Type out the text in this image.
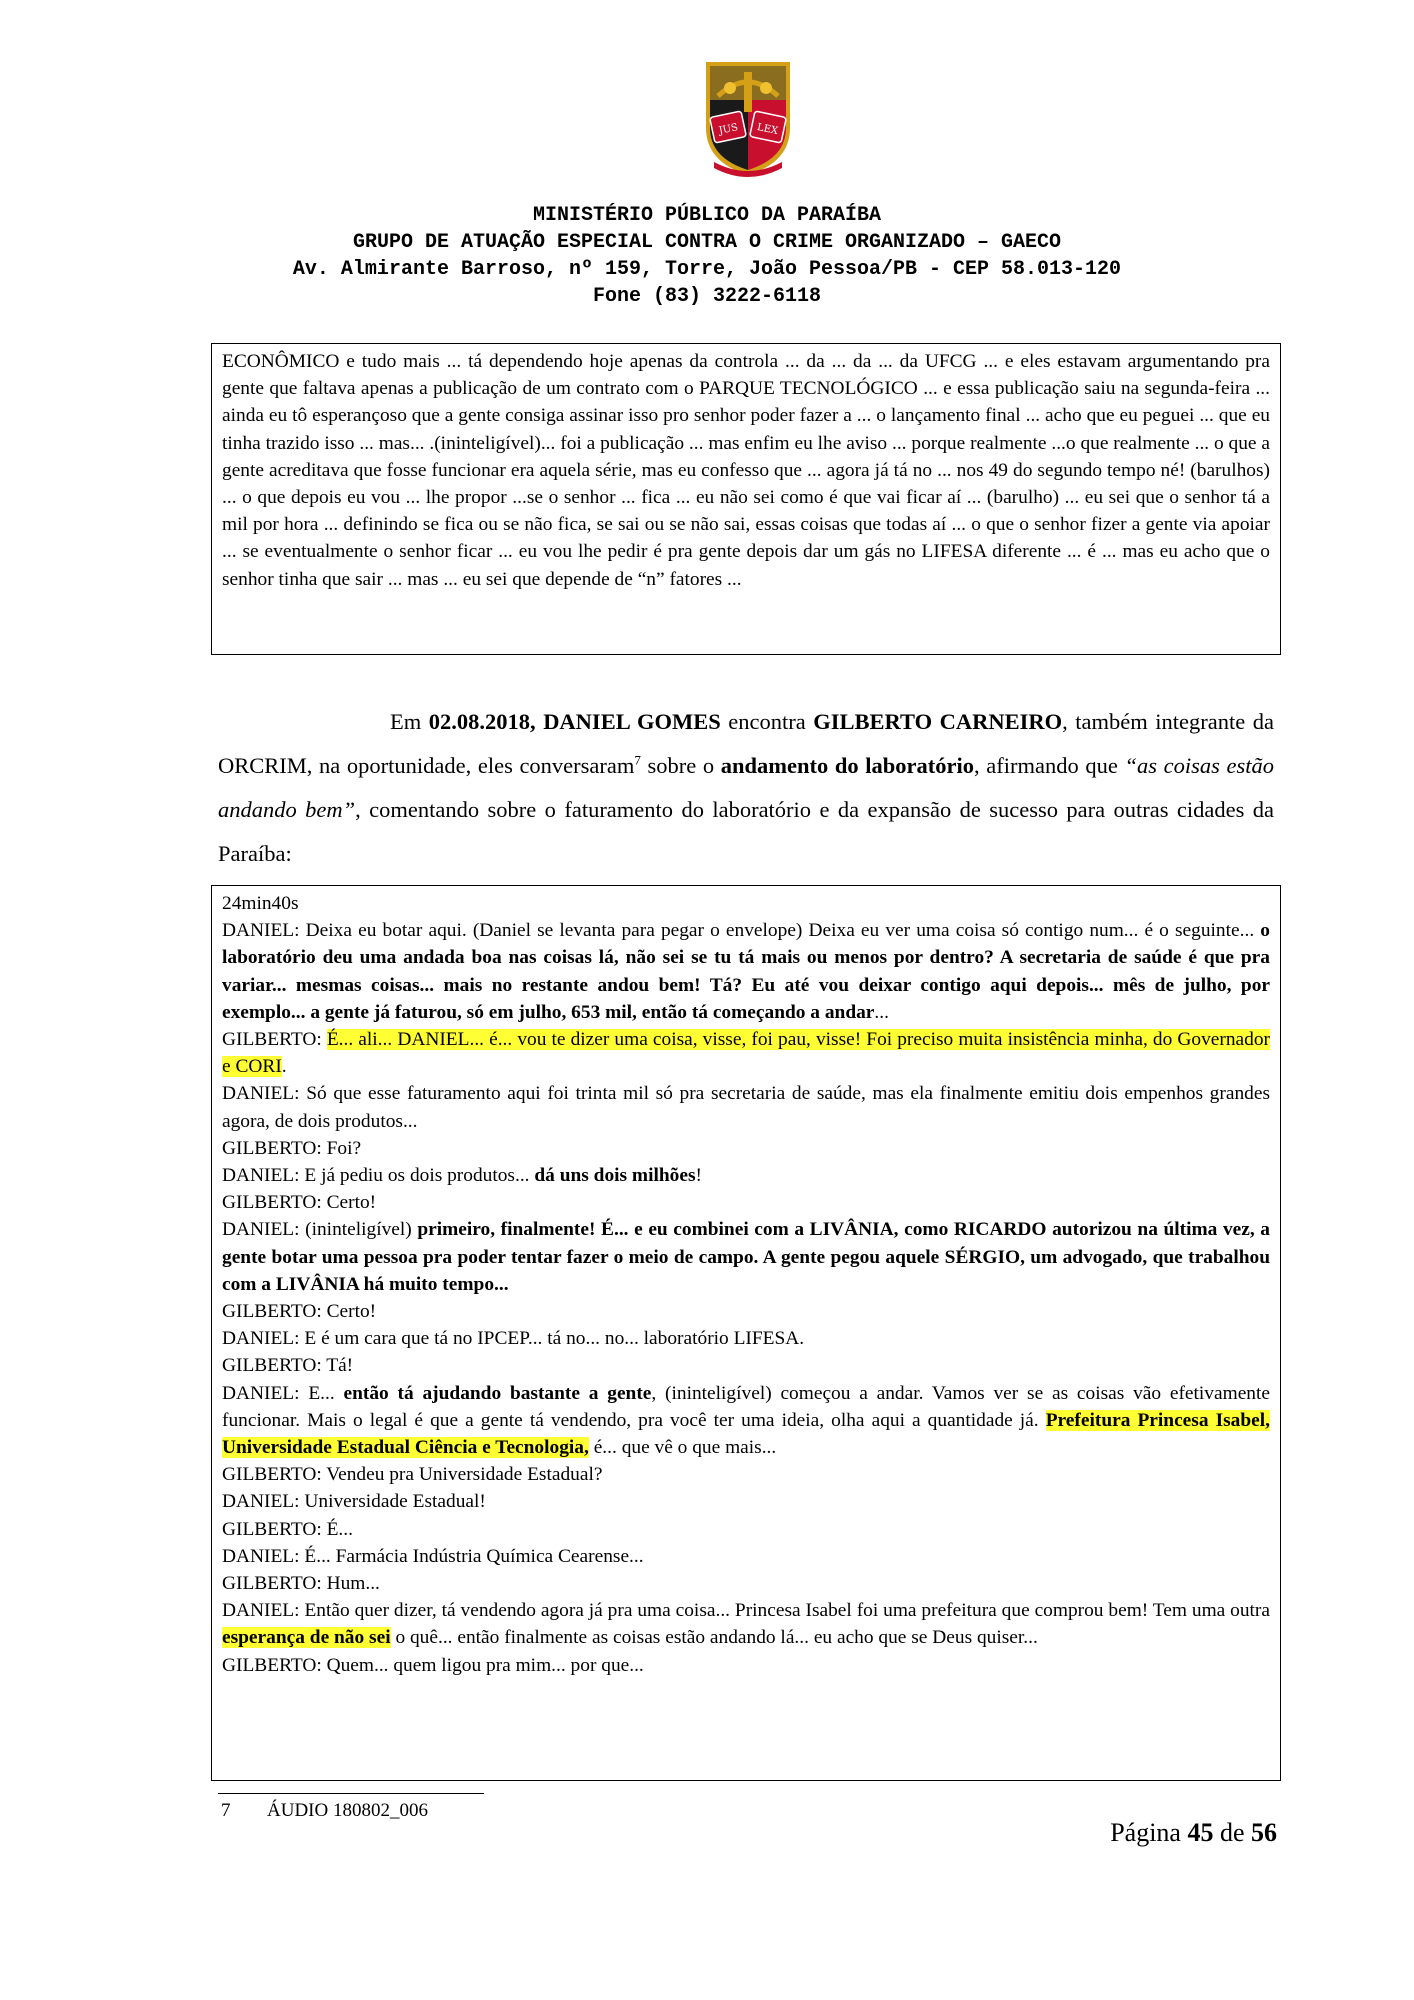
JUS LEX
MINISTÉRIO PÚBLICO DA PARAÍBA
GRUPO DE ATUAÇÃO ESPECIAL CONTRA O CRIME ORGANIZADO – GAECO
Av. Almirante Barroso, nº 159, Torre, João Pessoa/PB - CEP 58.013-120
Fone (83) 3222-6118
ECONÔMICO e tudo mais ... tá dependendo hoje apenas da controla ... da ... da ... da UFCG ... e eles estavam argumentando pra gente que faltava apenas a publicação de um contrato com o PARQUE TECNOLÓGICO ... e essa publicação saiu na segunda-feira ... ainda eu tô esperançoso que a gente consiga assinar isso pro senhor poder fazer a ... o lançamento final ... acho que eu peguei ... que eu tinha trazido isso ... mas... .(ininteligível)... foi a publicação ... mas enfim eu lhe aviso ... porque realmente ...o que realmente ... o que a gente acreditava que fosse funcionar era aquela série, mas eu confesso que ... agora já tá no ... nos 49 do segundo tempo né! (barulhos) ... o que depois eu vou ... lhe propor ...se o senhor ... fica ... eu não sei como é que vai ficar aí ... (barulho) ... eu sei que o senhor tá a mil por hora ... definindo se fica ou se não fica, se sai ou se não sai, essas coisas que todas aí ... o que o senhor fizer a gente via apoiar ... se eventualmente o senhor ficar ... eu vou lhe pedir é pra gente depois dar um gás no LIFESA diferente ... é ... mas eu acho que o senhor tinha que sair ... mas ... eu sei que depende de “n” fatores ...
Em 02.08.2018, DANIEL GOMES encontra GILBERTO CARNEIRO, também integrante da ORCRIM, na oportunidade, eles conversaram$^7$ sobre o andamento do laboratório, afirmando que “as coisas estão andando bem”, comentando sobre o faturamento do laboratório e da expansão de sucesso para outras cidades da Paraíba:

24min40s

DANIEL: Deixa eu botar aqui. (Daniel se levanta para pegar o envelope) Deixa eu ver uma coisa só contigo num... é o seguinte... o laboratório deu uma andada boa nas coisas lá, não sei se tu tá mais ou menos por dentro? A secretaria de saúde é que pra variar... mesmas coisas... mais no restante andou bem! Tá? Eu até vou deixar contigo aqui depois... mês de julho, por exemplo... a gente já faturou, só em julho, 653 mil, então tá começando a andar...

GILBERTO: É... ali... DANIEL... é... vou te dizer uma coisa, visse, foi pau, visse! Foi preciso muita insistência minha, do Governador e CORI.

DANIEL: Só que esse faturamento aqui foi trinta mil só pra secretaria de saúde, mas ela finalmente emitiu dois empenhos grandes agora, de dois produtos...

GILBERTO: Foi?

DANIEL: E já pediu os dois produtos... dá uns dois milhões!

GILBERTO: Certo!

DANIEL: (ininteligível) primeiro, finalmente! É... e eu combinei com a LIVÂNIA, como RICARDO autorizou na última vez, a gente botar uma pessoa pra poder tentar fazer o meio de campo. A gente pegou aquele SÉRGIO, um advogado, que trabalhou com a LIVÂNIA há muito tempo...

GILBERTO: Certo!

DANIEL: E é um cara que tá no IPCEP... tá no... no... laboratório LIFESA.

GILBERTO: Tá!

DANIEL: E... então tá ajudando bastante a gente, (ininteligível) começou a andar. Vamos ver se as coisas vão efetivamente funcionar. Mais o legal é que a gente tá vendendo, pra você ter uma ideia, olha aqui a quantidade já. Prefeitura Princesa Isabel, Universidade Estadual Ciência e Tecnologia, é... que vê o que mais...

GILBERTO: Vendeu pra Universidade Estadual?

DANIEL: Universidade Estadual!

GILBERTO: É...

DANIEL: É... Farmácia Indústria Química Cearense...

GILBERTO: Hum...

DANIEL: Então quer dizer, tá vendendo agora já pra uma coisa... Princesa Isabel foi uma prefeitura que comprou bem! Tem uma outra esperança de não sei o quê... então finalmente as coisas estão andando lá... eu acho que se Deus quiser...

GILBERTO: Quem... quem ligou pra mim... por que...

7 ÁUDIO 180802_006
Página 45 de 56
